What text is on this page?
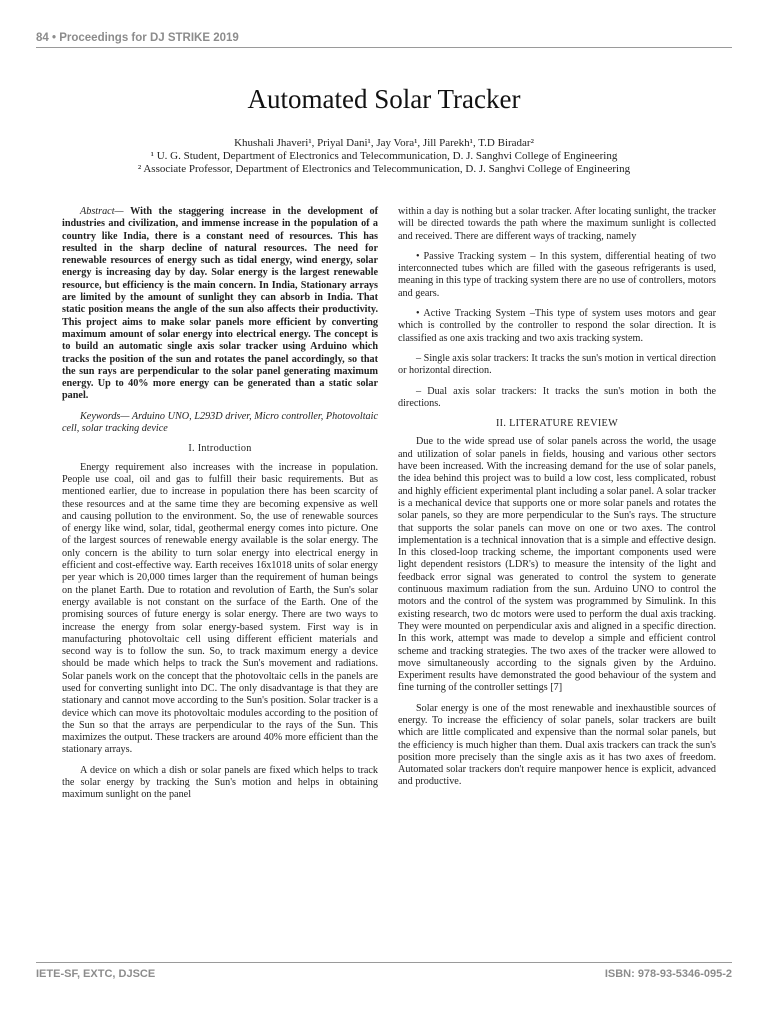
84 • Proceedings for DJ STRIKE 2019
Automated Solar Tracker
Khushali Jhaveri¹, Priyal Dani¹, Jay Vora¹, Jill Parekh¹, T.D Biradar²
¹ U. G. Student, Department of Electronics and Telecommunication, D. J. Sanghvi College of Engineering
² Associate Professor, Department of Electronics and Telecommunication, D. J. Sanghvi College of Engineering

Abstract— With the staggering increase in the development of industries and civilization, and immense increase in the population of a country like India, there is a constant need of resources. This has resulted in the sharp decline of natural resources. The need for renewable resources of energy such as tidal energy, wind energy, solar energy is increasing day by day. Solar energy is the largest renewable resource, but efficiency is the main concern. In India, Stationary arrays are limited by the amount of sunlight they can absorb in India. That static position means the angle of the sun also affects their productivity. This project aims to make solar panels more efficient by converting maximum amount of solar energy into electrical energy. The concept is to build an automatic single axis solar tracker using Arduino which tracks the position of the sun and rotates the panel accordingly, so that the sun rays are perpendicular to the solar panel generating maximum energy. Up to 40% more energy can be generated than a static solar panel.

Keywords— Arduino UNO, L293D driver, Micro controller, Photovoltaic cell, solar tracking device

I. Introduction

Energy requirement also increases with the increase in population. People use coal, oil and gas to fulfill their basic requirements. But as mentioned earlier, due to increase in population there has been scarcity of these resources and at the same time they are becoming expensive as well and causing pollution to the environment. So, the use of renewable sources of energy like wind, solar, tidal, geothermal energy comes into picture. One of the largest sources of renewable energy available is the solar energy. The only concern is the ability to turn solar energy into electrical energy in efficient and cost-effective way. Earth receives 16x1018 units of solar energy per year which is 20,000 times larger than the requirement of human beings on the planet Earth. Due to rotation and revolution of Earth, the Sun's solar energy available is not constant on the surface of the Earth. One of the promising sources of future energy is solar energy. There are two ways to increase the energy from solar energy-based system. First way is in manufacturing photovoltaic cell using different efficient materials and second way is to follow the sun. So, to track maximum energy a device should be made which helps to track the Sun's movement and radiations. Solar panels work on the concept that the photovoltaic cells in the panels are used for converting sunlight into DC. The only disadvantage is that they are stationary and cannot move according to the Sun's position. Solar tracker is a device which can move its photovoltaic modules according to the position of the Sun so that the arrays are perpendicular to the rays of the Sun. This maximizes the output. These trackers are around 40% more efficient than the stationary arrays.

A device on which a dish or solar panels are fixed which helps to track the solar energy by tracking the Sun's motion and helps in obtaining maximum sunlight on the panel

within a day is nothing but a solar tracker. After locating sunlight, the tracker will be directed towards the path where the maximum sunlight is collected and received. There are different ways of tracking, namely

• Passive Tracking system – In this system, differential heating of two interconnected tubes which are filled with the gaseous refrigerants is used, meaning in this type of tracking system there are no use of controllers, motors and gears.

• Active Tracking System –This type of system uses motors and gear which is controlled by the controller to respond the solar direction. It is classified as one axis tracking and two axis tracking system.

– Single axis solar trackers: It tracks the sun's motion in vertical direction or horizontal direction.

– Dual axis solar trackers: It tracks the sun's motion in both the directions.

II. LITERATURE REVIEW

Due to the wide spread use of solar panels across the world, the usage and utilization of solar panels in fields, housing and various other sectors have been increased. With the increasing demand for the use of solar panels, the idea behind this project was to build a low cost, less complicated, robust and highly efficient experimental plant including a solar panel. A solar tracker is a mechanical device that supports one or more solar panels and rotates the solar panels, so they are more perpendicular to the Sun's rays. The structure that supports the solar panels can move on one or two axes. The control implementation is a technical innovation that is a simple and effective design. In this closed-loop tracking scheme, the important components used were light dependent resistors (LDR's) to measure the intensity of the light and feedback error signal was generated to control the system to generate continuous maximum radiation from the sun. Arduino UNO to control the motors and the control of the system was programmed by Simulink. In this existing research, two dc motors were used to perform the dual axis tracking. They were mounted on perpendicular axis and aligned in a specific direction. In this work, attempt was made to develop a simple and efficient control scheme and tracking strategies. The two axes of the tracker were allowed to move simultaneously according to the signals given by the Arduino. Experiment results have demonstrated the good behaviour of the system and fine turning of the controller settings [7]

Solar energy is one of the most renewable and inexhaustible sources of energy. To increase the efficiency of solar panels, solar trackers are built which are little complicated and expensive than the normal solar panels, but the efficiency is much higher than them. Dual axis trackers can track the sun's position more precisely than the single axis as it has two axes of freedom. Automated solar trackers don't require manpower hence is explicit, advanced and productive.

IETE-SF, EXTC, DJSCE	ISBN: 978-93-5346-095-2
